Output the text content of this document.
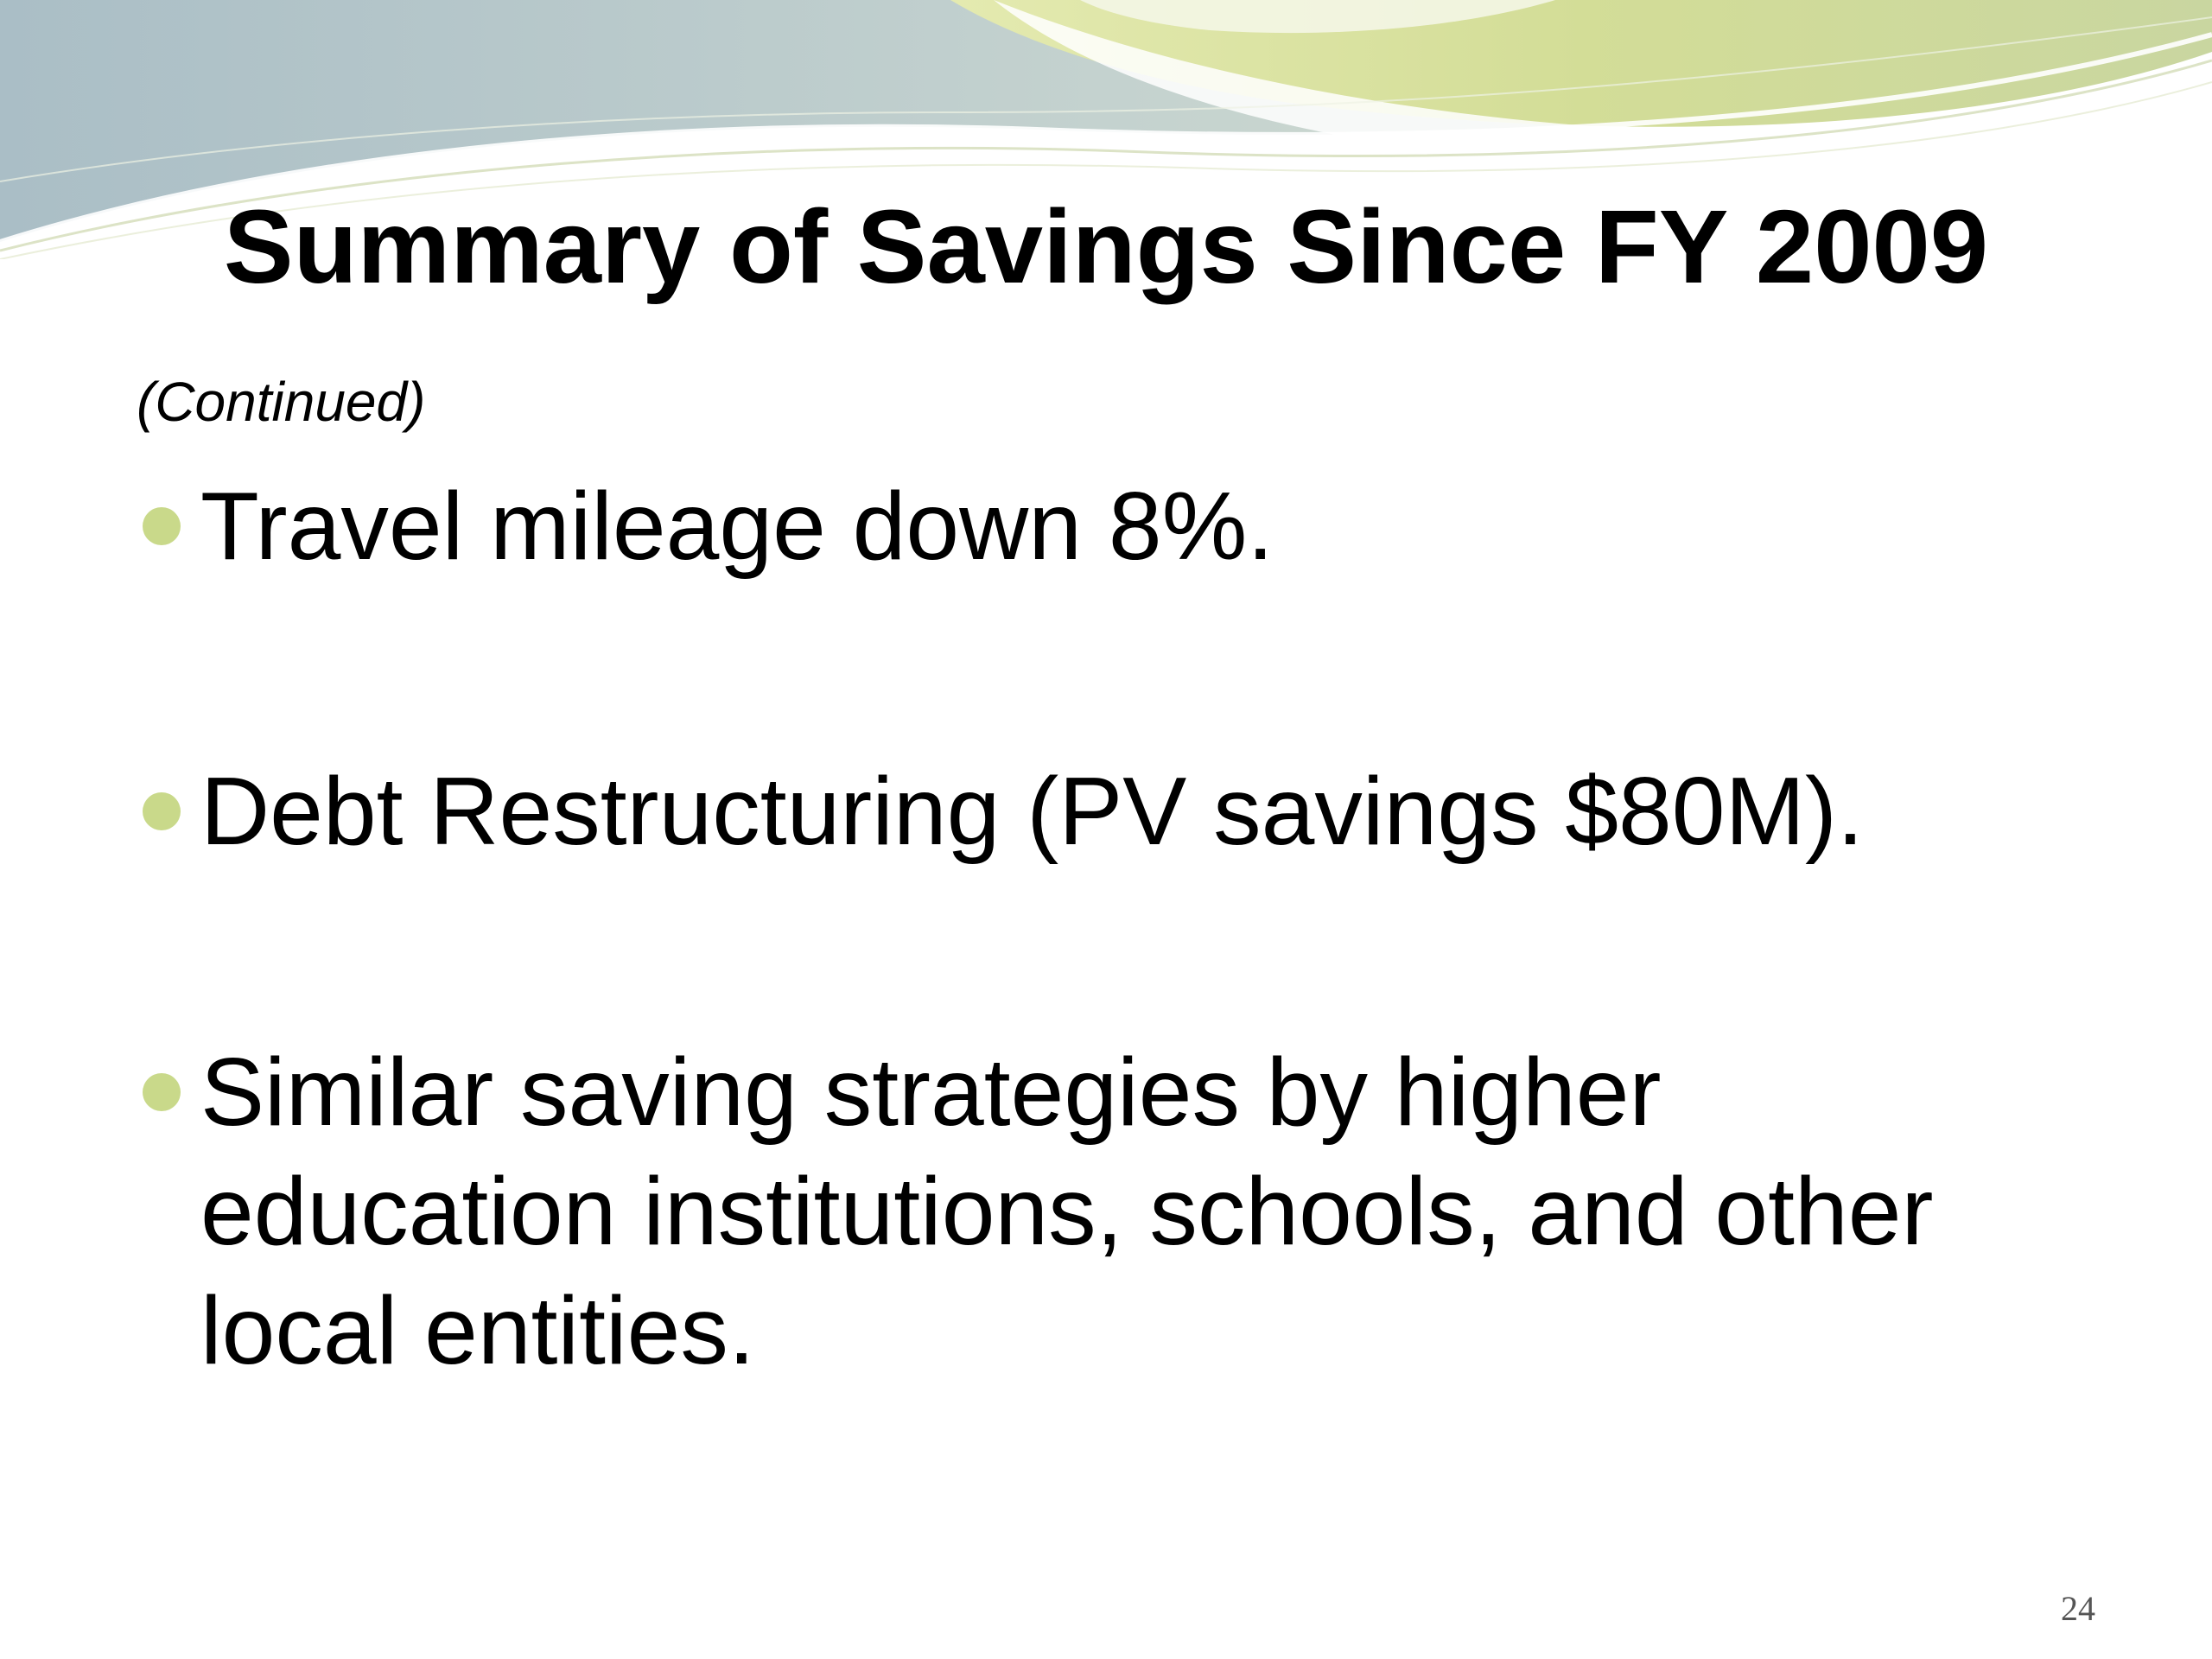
Summary of Savings Since FY 2009
(Continued)
Travel mileage down 8%.
Debt Restructuring (PV savings $80M).
Similar saving strategies by higher education institutions, schools, and other local entities.
24
